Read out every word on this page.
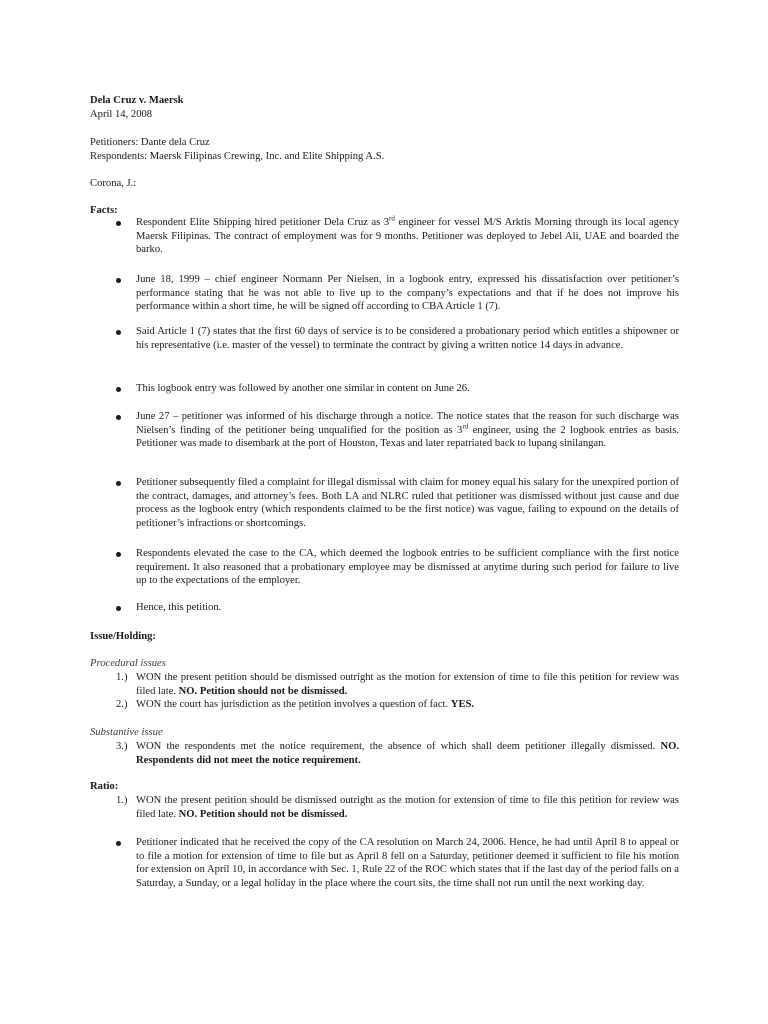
Dela Cruz v. Maersk

April 14, 2008

Petitioners: Dante dela Cruz

Respondents: Maersk Filipinas Crewing, Inc. and Elite Shipping A.S.

Corona, J.:

Facts:

Respondent Elite Shipping hired petitioner Dela Cruz as 3rd engineer for vessel M/S Arktis Morning through its local agency Maersk Filipinas. The contract of employment was for 9 months. Petitioner was deployed to Jebel Ali, UAE and boarded the barko.

June 18, 1999 – chief engineer Normann Per Nielsen, in a logbook entry, expressed his dissatisfaction over petitioner’s performance stating that he was not able to live up to the company’s expectations and that if he does not improve his performance within a short time, he will be signed off according to CBA Article 1 (7).

Said Article 1 (7) states that the first 60 days of service is to be considered a probationary period which entitles a shipowner or his representative (i.e. master of the vessel) to terminate the contract by giving a written notice 14 days in advance.

This logbook entry was followed by another one similar in content on June 26.

June 27 – petitioner was informed of his discharge through a notice. The notice states that the reason for such discharge was Nielsen’s finding of the petitioner being unqualified for the position as 3rd engineer, using the 2 logbook entries as basis. Petitioner was made to disembark at the port of Houston, Texas and later repatriated back to lupang sinilangan.

Petitioner subsequently filed a complaint for illegal dismissal with claim for money equal his salary for the unexpired portion of the contract, damages, and attorney’s fees. Both LA and NLRC ruled that petitioner was dismissed without just cause and due process as the logbook entry (which respondents claimed to be the first notice) was vague, failing to expound on the details of petitioner’s infractions or shortcomings.

Respondents elevated the case to the CA, which deemed the logbook entries to be sufficient compliance with the first notice requirement. It also reasoned that a probationary employee may be dismissed at anytime during such period for failure to live up to the expectations of the employer.

Hence, this petition.

Issue/Holding:

Procedural issues

1.) WON the present petition should be dismissed outright as the motion for extension of time to file this petition for review was filed late. NO. Petition should not be dismissed.

2.) WON the court has jurisdiction as the petition involves a question of fact. YES.

Substantive issue

3.) WON the respondents met the notice requirement, the absence of which shall deem petitioner illegally dismissed. NO. Respondents did not meet the notice requirement.

Ratio:

1.) WON the present petition should be dismissed outright as the motion for extension of time to file this petition for review was filed late. NO. Petition should not be dismissed.

Petitioner indicated that he received the copy of the CA resolution on March 24, 2006. Hence, he had until April 8 to appeal or to file a motion for extension of time to file but as April 8 fell on a Saturday, petitioner deemed it sufficient to file his motion for extension on April 10, in accordance with Sec. 1, Rule 22 of the ROC which states that if the last day of the period falls on a Saturday, a Sunday, or a legal holiday in the place where the court sits, the time shall not run until the next working day.
